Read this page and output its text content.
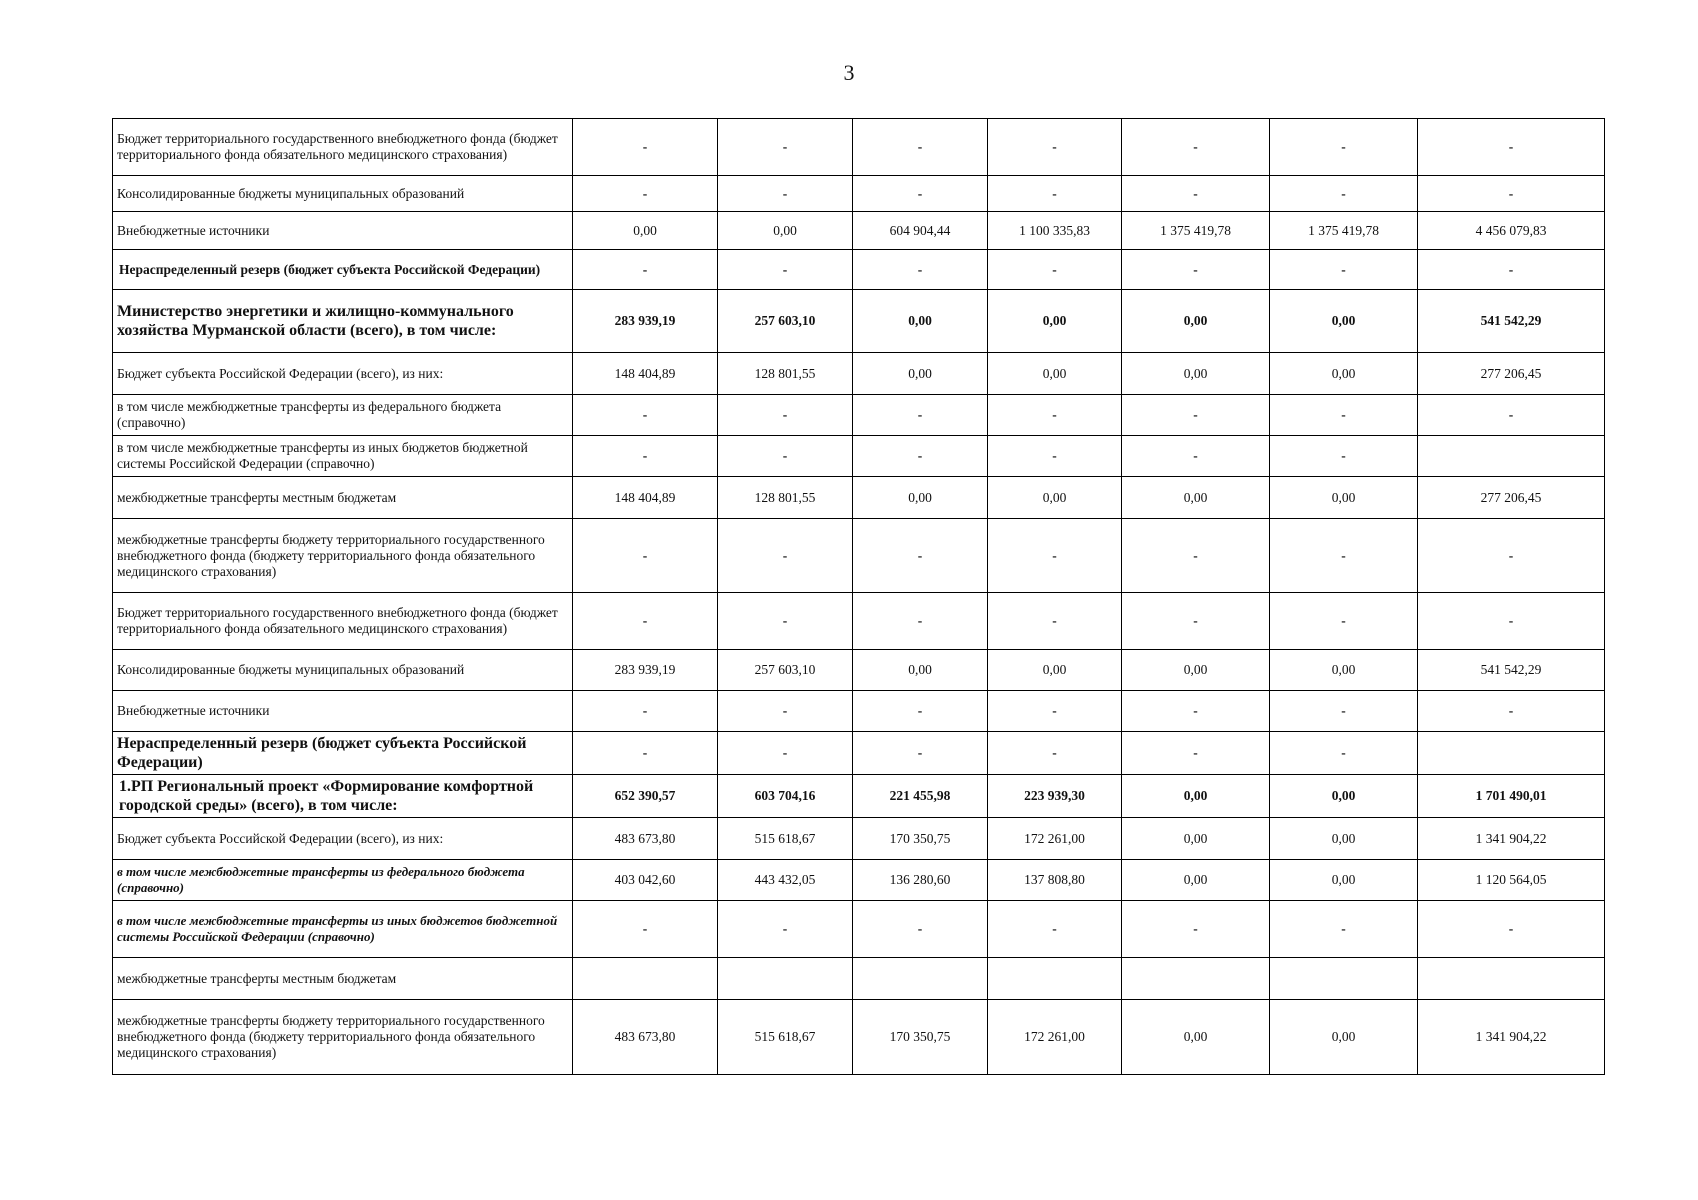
3
Бюджет территориального государственного внебюджетного фонда (бюджет территориального фонда обязательного медицинского страхования)	-	-	-	-	-	-	-
Консолидированные бюджеты муниципальных образований	-	-	-	-	-	-	-
Внебюджетные источники	0,00	0,00	604 904,44	1 100 335,83	1 375 419,78	1 375 419,78	4 456 079,83
Нераспределенный резерв (бюджет субъекта Российской Федерации)	-	-	-	-	-	-	-
Министерство энергетики и жилищно-коммунального хозяйства Мурманской области (всего), в том числе:	283 939,19	257 603,10	0,00	0,00	0,00	0,00	541 542,29
Бюджет субъекта Российской Федерации (всего), из них:	148 404,89	128 801,55	0,00	0,00	0,00	0,00	277 206,45
в том числе межбюджетные трансферты из федерального бюджета (справочно)	-	-	-	-	-	-	-
в том числе межбюджетные трансферты из иных бюджетов бюджетной системы Российской Федерации (справочно)	-	-	-	-	-	-	
межбюджетные трансферты местным бюджетам	148 404,89	128 801,55	0,00	0,00	0,00	0,00	277 206,45
межбюджетные трансферты бюджету территориального государственного внебюджетного фонда (бюджету территориального фонда обязательного медицинского страхования)	-	-	-	-	-	-	-
Бюджет территориального государственного внебюджетного фонда (бюджет территориального фонда обязательного медицинского страхования)	-	-	-	-	-	-	-
Консолидированные бюджеты муниципальных образований	283 939,19	257 603,10	0,00	0,00	0,00	0,00	541 542,29
Внебюджетные источники	-	-	-	-	-	-	-
Нераспределенный резерв (бюджет субъекта Российской Федерации)	-	-	-	-	-	-	
1.РП Региональный проект «Формирование комфортной городской среды» (всего), в том числе:	652 390,57	603 704,16	221 455,98	223 939,30	0,00	0,00	1 701 490,01
Бюджет субъекта Российской Федерации (всего), из них:	483 673,80	515 618,67	170 350,75	172 261,00	0,00	0,00	1 341 904,22
в том числе межбюджетные трансферты из федерального бюджета (справочно)	403 042,60	443 432,05	136 280,60	137 808,80	0,00	0,00	1 120 564,05
в том числе межбюджетные трансферты из иных бюджетов бюджетной системы Российской Федерации (справочно)	-	-	-	-	-	-	-
межбюджетные трансферты местным бюджетам							
межбюджетные трансферты бюджету территориального государственного внебюджетного фонда (бюджету территориального фонда обязательного медицинского страхования)	483 673,80	515 618,67	170 350,75	172 261,00	0,00	0,00	1 341 904,22
